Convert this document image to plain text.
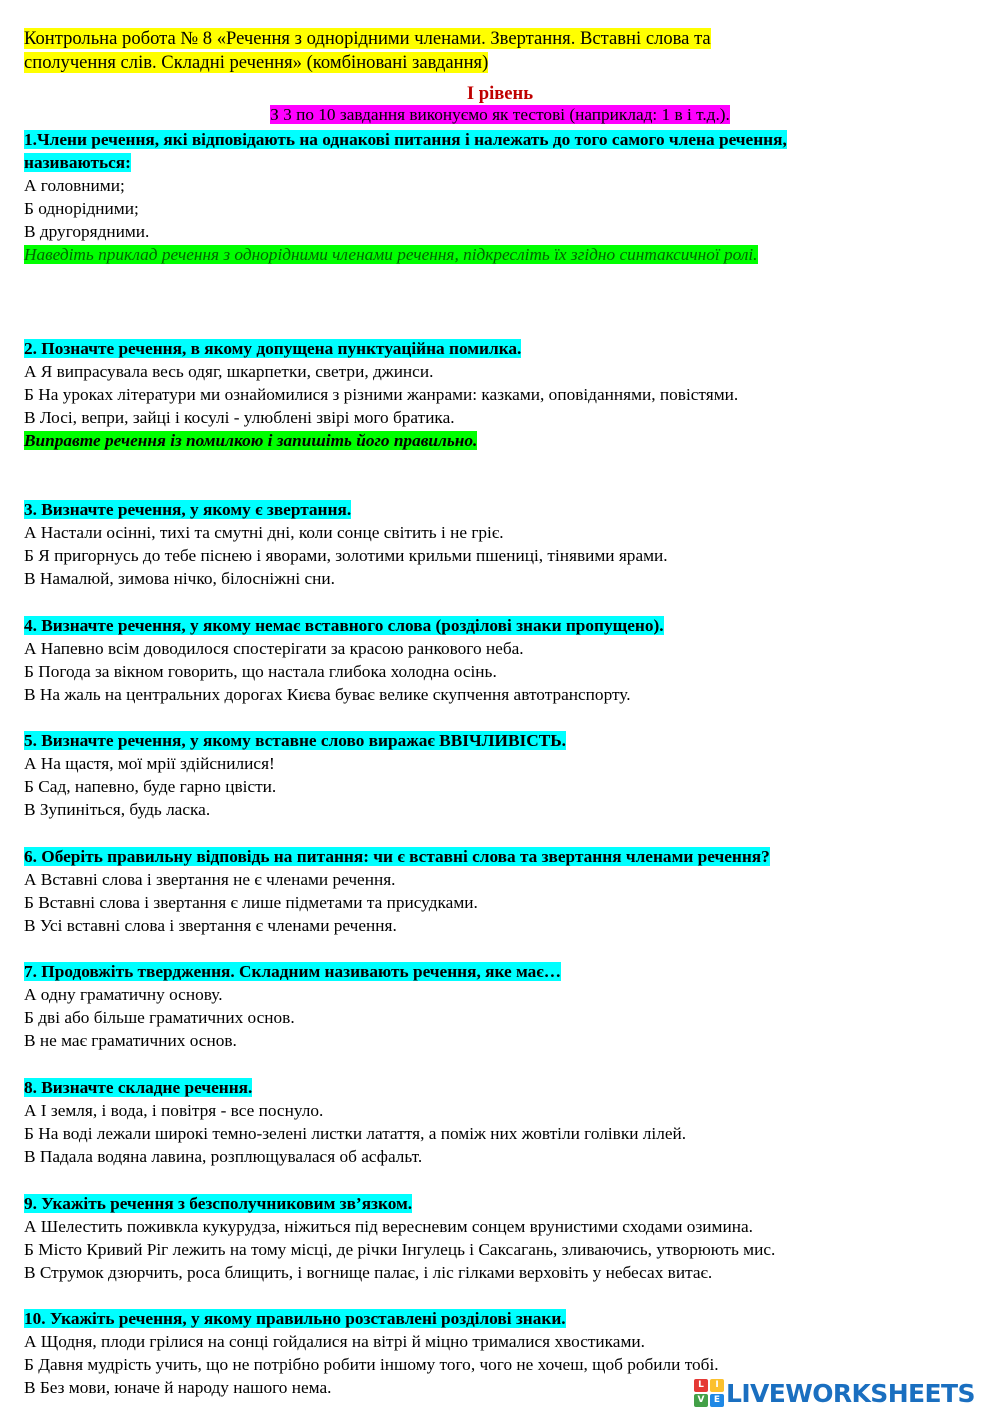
Контрольна робота № 8 «Речення з однорідними членами. Звертання. Вставні слова та
сполучення слів. Складні речення» (комбіновані завдання)
І рівень
З 3 по 10 завдання виконуємо як тестові (наприклад: 1 в і т.д.).
1.Члени речення, які відповідають на однакові питання і належать до того самого члена речення,
називаються:
А головними;
Б однорідними;
В другорядними.
Наведіть приклад речення з однорідними членами речення, підкресліть їх згідно синтаксичної ролі.
2. Позначте речення, в якому допущена пунктуаційна помилка.
А Я випрасувала весь одяг, шкарпетки, светри, джинси.
Б На уроках літератури ми ознайомилися з різними жанрами: казками, оповіданнями, повістями.
В Лосі, вепри, зайці і косулі - улюблені звірі мого братика.
Виправте речення із помилкою і запишіть його правильно.
3. Визначте речення, у якому є звертання.
А Настали осінні, тихі та смутні дні, коли сонце світить і не гріє.
Б Я пригорнусь до тебе піснею і яворами, золотими крильми пшениці, тінявими ярами.
В Намалюй, зимова нічко, білосніжні сни.
4. Визначте речення, у якому немає вставного слова (розділові знаки пропущено).
А Напевно всім доводилося спостерігати за красою ранкового неба.
Б Погода за вікном говорить, що настала глибока холодна осінь.
В На жаль на центральних дорогах Києва буває велике скупчення автотранспорту.
5. Визначте речення, у якому вставне слово виражає ВВІЧЛИВІСТЬ.
А На щастя, мої мрії здійснилися!
Б Сад, напевно, буде гарно цвісти.
В Зупиніться, будь ласка.
6. Оберіть правильну відповідь на питання: чи є вставні слова та звертання членами речення?
А Вставні слова і звертання не є членами речення.
Б Вставні слова і звертання є лише підметами та присудками.
В Усі вставні слова і звертання є членами речення.
7. Продовжіть твердження. Складним називають речення, яке має…
А одну граматичну основу.
Б дві або більше граматичних основ.
В не має граматичних основ.
8. Визначте складне речення.
А І земля, і вода, і повітря - все поснуло.
Б На воді лежали широкі темно-зелені листки латаття, а поміж них жовтіли голівки лілей.
В Падала водяна лавина, розплющувалася об асфальт.
9. Укажіть речення з безсполучниковим зв’язком.
А Шелестить поживкла кукурудза, ніжиться під вересневим сонцем врунистими сходами озимина.
Б Місто Кривий Ріг лежить на тому місці, де річки Інгулець і Саксагань, зливаючись, утворюють мис.
В Струмок дзюрчить, роса блищить, і вогнище палає, і ліс гілками верховіть у небесах витає.
10. Укажіть речення, у якому правильно розставлені розділові знаки.
А Щодня, плоди грілися на сонці гойдалися на вітрі й міцно трималися хвостиками.
Б Давня мудрість учить, що не потрібно робити іншому того, чого не хочеш, щоб робили тобі.
В Без мови, юначе й народу нашого нема.	L	I
V	E LIVEWORKSHEETS
